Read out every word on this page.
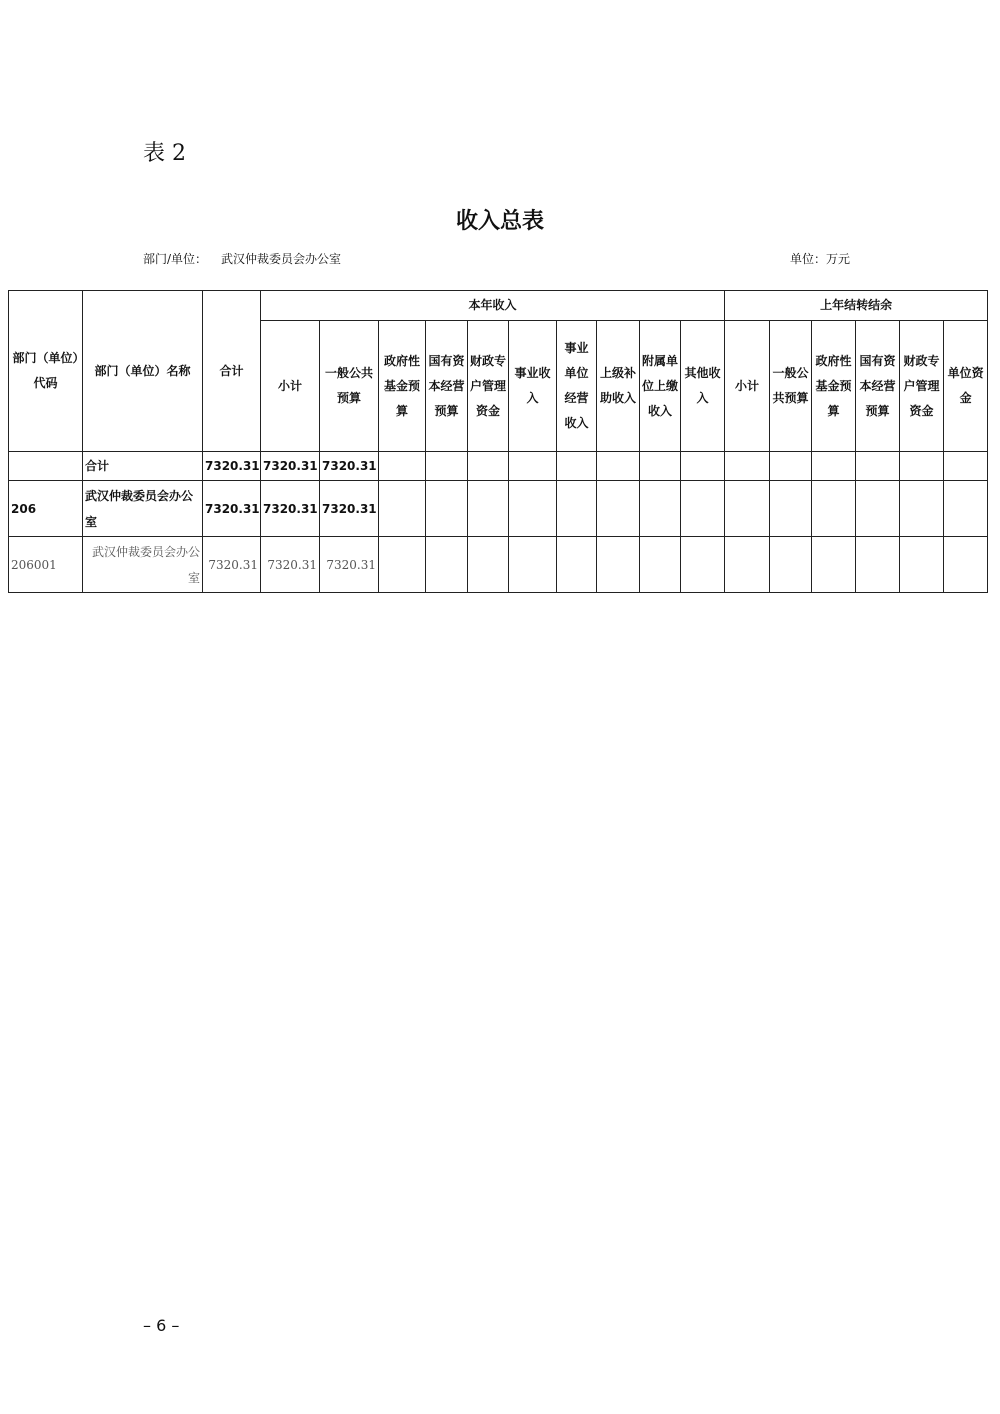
表 2
收入总表
部门/单位： 武汉仲裁委员会办公室	单位：万元
部门（单位）代码	部门（单位）名称	合计	本年收入										上年结转结余					
			小计	一般公共预算	政府性基金预算	国有资本经营预算	财政专户管理资金	事业收入	事业单位经营收入	上级补助收入	附属单位上缴收入	其他收入	小计	一般公共预算	政府性基金预算	国有资本经营预算	财政专户管理资金	单位资金
	合计	7320.31	7320.31	7320.31														
206	武汉仲裁委员会办公室	7320.31	7320.31	7320.31														
206001	武汉仲裁委员会办公室	7320.31	7320.31	7320.31														
– 6 –
